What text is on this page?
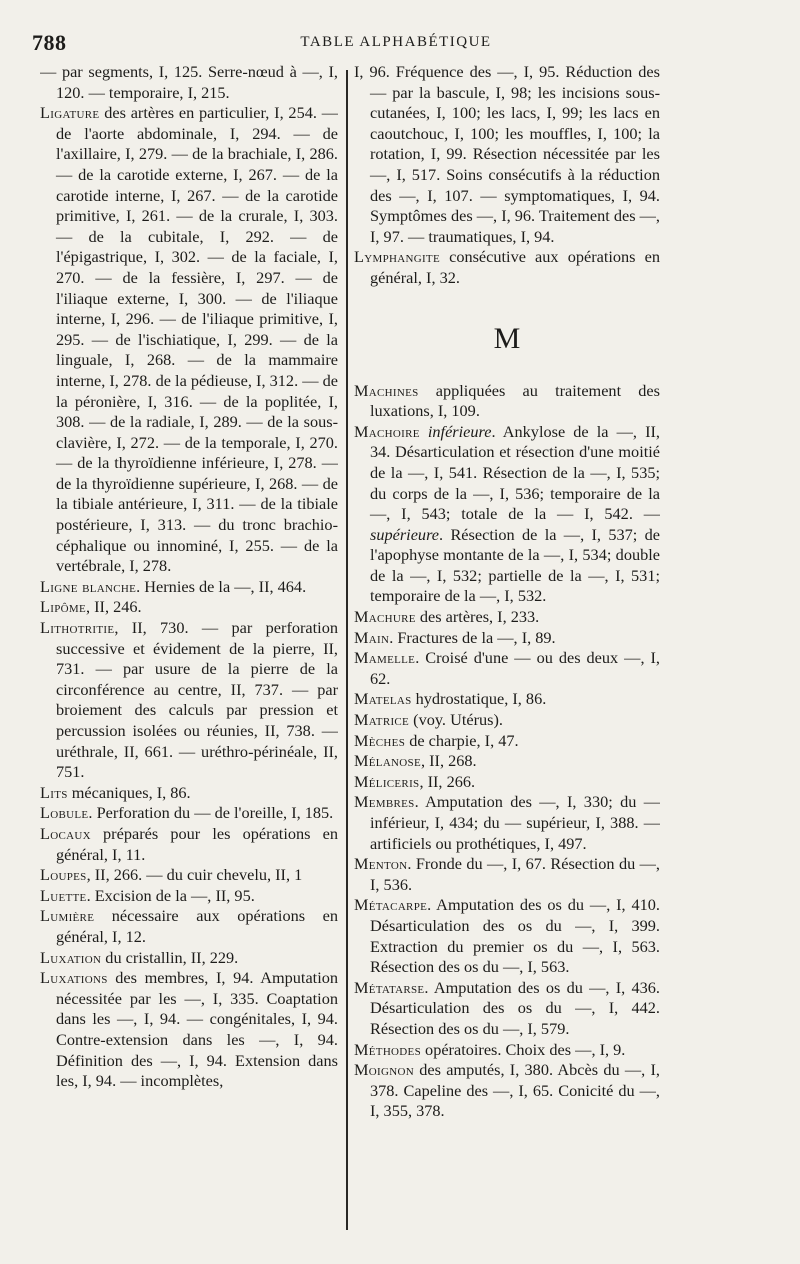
788	TABLE ALPHABÉTIQUE

— par segments, I, 125. Serre-nœud à —, I, 120. — temporaire, I, 215.

Ligature des artères en particulier, I, 254. — de l'aorte abdominale, I, 294. — de l'axillaire, I, 279. — de la brachiale, I, 286. — de la carotide externe, I, 267. — de la carotide interne, I, 267. — de la carotide primitive, I, 261. — de la crurale, I, 303. — de la cubitale, I, 292. — de l'épigastrique, I, 302. — de la faciale, I, 270. — de la fessière, I, 297. — de l'iliaque externe, I, 300. — de l'iliaque interne, I, 296. — de l'iliaque primitive, I, 295. — de l'ischiatique, I, 299. — de la linguale, I, 268. — de la mammaire interne, I, 278. de la pédieuse, I, 312. — de la péronière, I, 316. — de la poplitée, I, 308. — de la radiale, I, 289. — de la sous-clavière, I, 272. — de la temporale, I, 270. — de la thyroïdienne inférieure, I, 278. — de la thyroïdienne supérieure, I, 268. — de la tibiale antérieure, I, 311. — de la tibiale postérieure, I, 313. — du tronc brachio-céphalique ou innominé, I, 255. — de la vertébrale, I, 278.

Ligne blanche. Hernies de la —, II, 464.

Lipôme, II, 246.

Lithotritie, II, 730. — par perforation successive et évidement de la pierre, II, 731. — par usure de la pierre de la circonférence au centre, II, 737. — par broiement des calculs par pression et percussion isolées ou réunies, II, 738. — uréthrale, II, 661. — uréthro-périnéale, II, 751.

Lits mécaniques, I, 86.

Lobule. Perforation du — de l'oreille, I, 185.

Locaux préparés pour les opérations en général, I, 11.

Loupes, II, 266. — du cuir chevelu, II, 1

Luette. Excision de la —, II, 95.

Lumière nécessaire aux opérations en général, I, 12.

Luxation du cristallin, II, 229.

Luxations des membres, I, 94. Amputation nécessitée par les —, I, 335. Coaptation dans les —, I, 94. — congénitales, I, 94. Contre-extension dans les —, I, 94. Définition des —, I, 94. Extension dans les, I, 94. — incomplètes,

I, 96. Fréquence des —, I, 95. Réduction des — par la bascule, I, 98; les incisions sous-cutanées, I, 100; les lacs, I, 99; les lacs en caoutchouc, I, 100; les mouffles, I, 100; la rotation, I, 99. Résection nécessitée par les —, I, 517. Soins consécutifs à la réduction des —, I, 107. — symptomatiques, I, 94. Symptômes des —, I, 96. Traitement des —, I, 97. — traumatiques, I, 94.

Lymphangite consécutive aux opérations en général, I, 32.

M

Machines appliquées au traitement des luxations, I, 109.

Machoire inférieure. Ankylose de la —, II, 34. Désarticulation et résection d'une moitié de la —, I, 541. Résection de la —, I, 535; du corps de la —, I, 536; temporaire de la —, I, 543; totale de la — I, 542. — supérieure. Résection de la —, I, 537; de l'apophyse montante de la —, I, 534; double de la —, I, 532; partielle de la —, I, 531; temporaire de la —, I, 532.

Machure des artères, I, 233.

Main. Fractures de la —, I, 89.

Mamelle. Croisé d'une — ou des deux —, I, 62.

Matelas hydrostatique, I, 86.

Matrice (voy. Utérus).

Mèches de charpie, I, 47.

Mélanose, II, 268.

Méliceris, II, 266.

Membres. Amputation des —, I, 330; du — inférieur, I, 434; du — supérieur, I, 388. — artificiels ou prothétiques, I, 497.

Menton. Fronde du —, I, 67. Résection du —, I, 536.

Métacarpe. Amputation des os du —, I, 410. Désarticulation des os du —, I, 399. Extraction du premier os du —, I, 563. Résection des os du —, I, 563.

Métatarse. Amputation des os du —, I, 436. Désarticulation des os du —, I, 442. Résection des os du —, I, 579.

Méthodes opératoires. Choix des —, I, 9.

Moignon des amputés, I, 380. Abcès du —, I, 378. Capeline des —, I, 65. Conicité du —, I, 355, 378.
